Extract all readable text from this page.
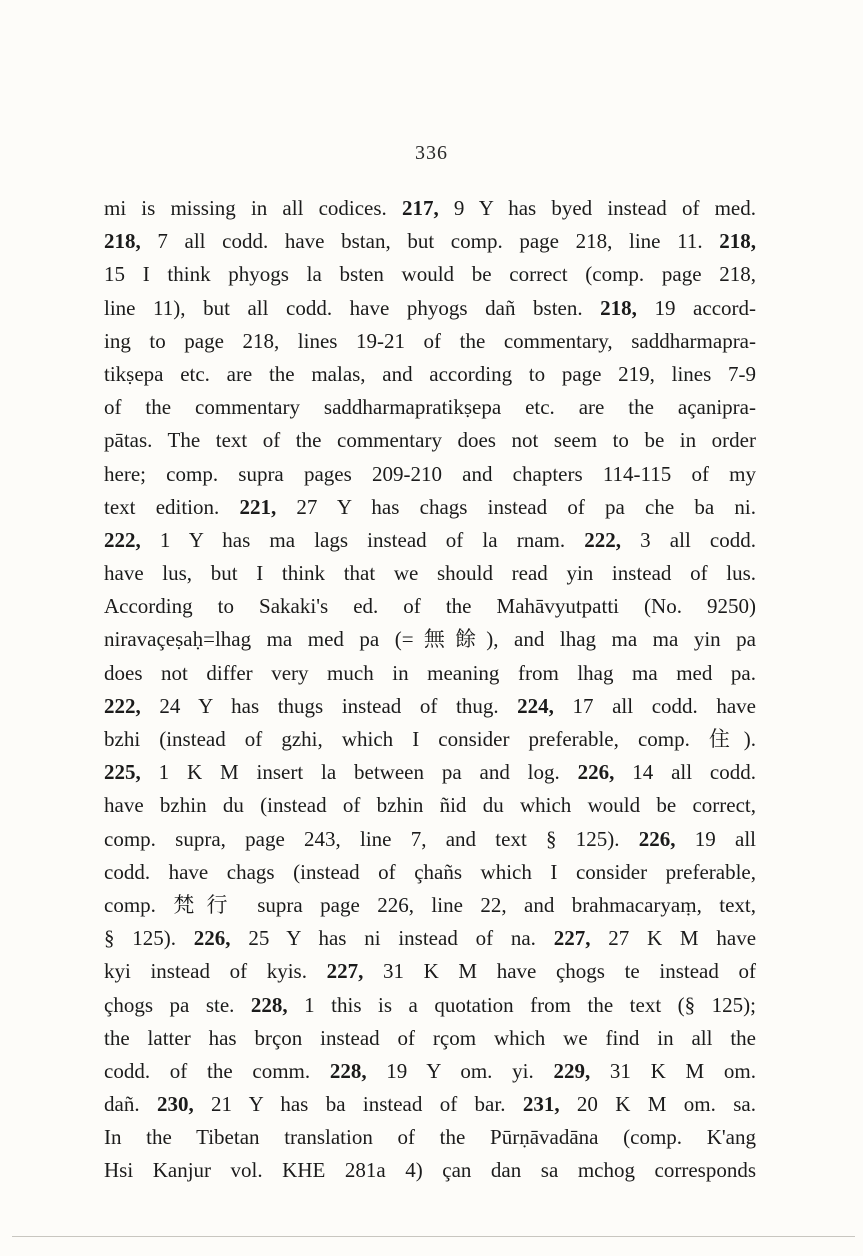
336
mi is missing in all codices. 217, 9 Y has byed instead of med.
218, 7 all codd. have bstan, but comp. page 218, line 11. 218,
15 I think phyogs la bsten would be correct (comp. page 218,
line 11), but all codd. have phyogs dañ bsten. 218, 19 accord-
ing to page 218, lines 19-21 of the commentary, saddharmapra-
tikṣepa etc. are the malas, and according to page 219, lines 7-9
of the commentary saddharmapratikṣepa etc. are the açanipra-
pātas. The text of the commentary does not seem to be in order
here; comp. supra pages 209-210 and chapters 114-115 of my
text edition. 221, 27 Y has chags instead of pa che ba ni.
222, 1 Y has ma lags instead of la rnam. 222, 3 all codd.
have lus, but I think that we should read yin instead of lus.
According to Sakaki's ed. of the Mahāvyutpatti (No. 9250)
niravaçeṣaḥ=lhag ma med pa (=無餘), and lhag ma ma yin pa
does not differ very much in meaning from lhag ma med pa.
222, 24 Y has thugs instead of thug. 224, 17 all codd. have
bzhi (instead of gzhi, which I consider preferable, comp. 住).
225, 1 K M insert la between pa and log. 226, 14 all codd.
have bzhin du (instead of bzhin ñid du which would be correct,
comp. supra, page 243, line 7, and text § 125). 226, 19 all
codd. have chags (instead of çhañs which I consider preferable,
comp. 梵行 supra page 226, line 22, and brahmacaryaṃ, text,
§ 125). 226, 25 Y has ni instead of na. 227, 27 K M have
kyi instead of kyis. 227, 31 K M have çhogs te instead of
çhogs pa ste. 228, 1 this is a quotation from the text (§ 125);
the latter has brçon instead of rçom which we find in all the
codd. of the comm. 228, 19 Y om. yi. 229, 31 K M om.
dañ. 230, 21 Y has ba instead of bar. 231, 20 K M om. sa.
In the Tibetan translation of the Pūrṇāvadāna (comp. K'ang
Hsi Kanjur vol. KHE 281a 4) çan dan sa mchog corresponds
